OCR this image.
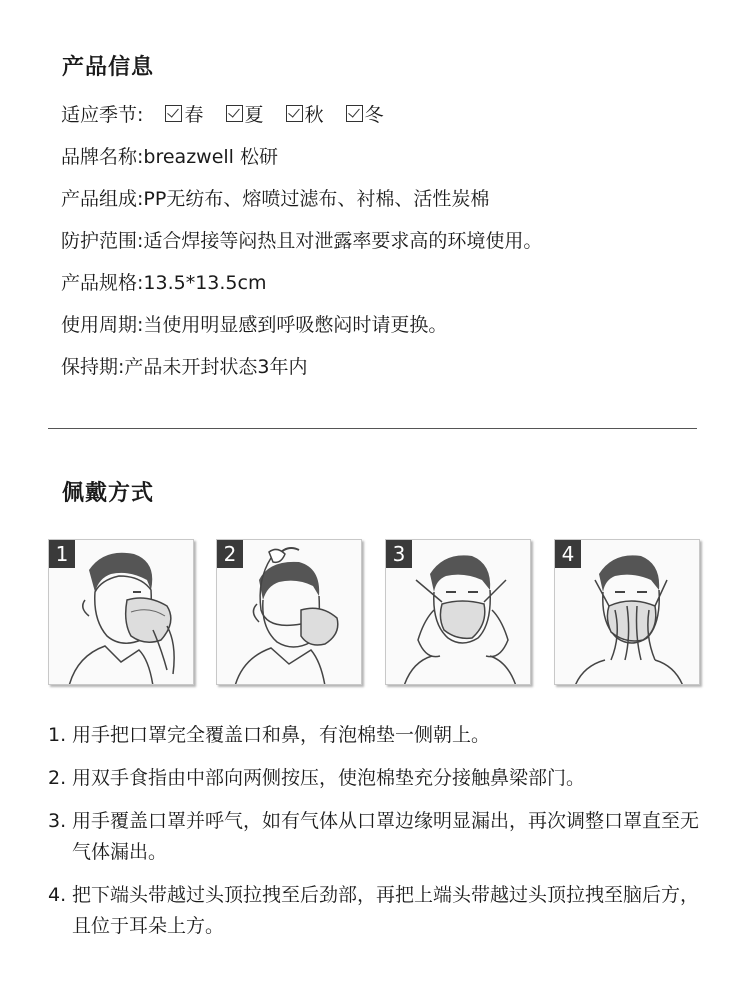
产品信息
适应季节: 春 夏 秋 冬
品牌名称:breazwell 松研
产品组成:PP无纺布、熔喷过滤布、衬棉、活性炭棉
防护范围:适合焊接等闷热且对泄露率要求高的环境使用。
产品规格:13.5*13.5cm
使用周期:当使用明显感到呼吸憋闷时请更换。
保持期:产品未开封状态3年内
佩戴方式
1	2	3	4
1. 用手把口罩完全覆盖口和鼻，有泡棉垫一侧朝上。
2. 用双手食指由中部向两侧按压，使泡棉垫充分接触鼻梁部门。
3. 用手覆盖口罩并呼气，如有气体从口罩边缘明显漏出，再次调整口罩直至无气体漏出。
4. 把下端头带越过头顶拉拽至后劲部，再把上端头带越过头顶拉拽至脑后方，且位于耳朵上方。
